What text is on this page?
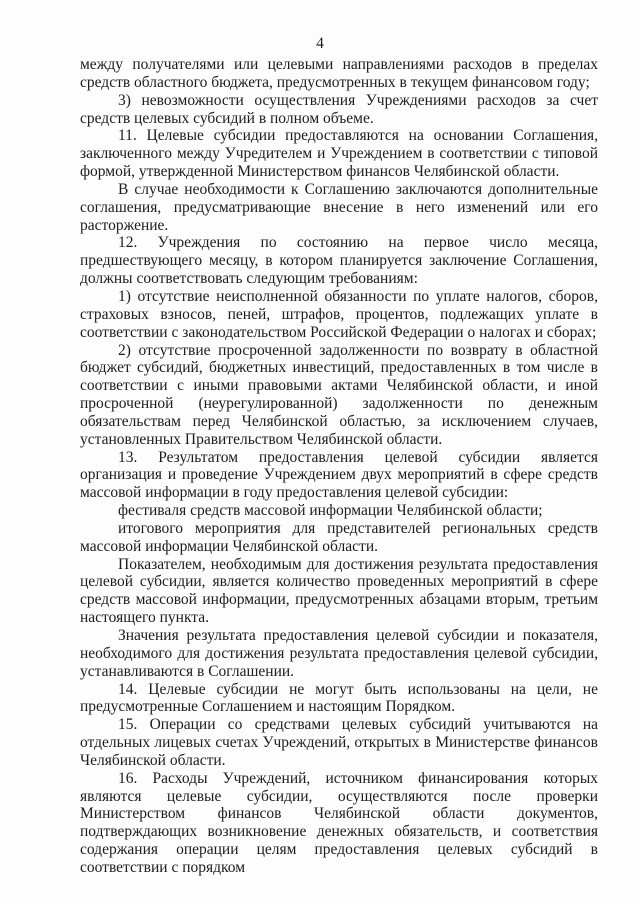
4

между получателями или целевыми направлениями расходов в пределах средств областного бюджета, предусмотренных в текущем финансовом году;

3) невозможности осуществления Учреждениями расходов за счет средств целевых субсидий в полном объеме.

11. Целевые субсидии предоставляются на основании Соглашения, заключенного между Учредителем и Учреждением в соответствии с типовой формой, утвержденной Министерством финансов Челябинской области.

В случае необходимости к Соглашению заключаются дополнительные соглашения, предусматривающие внесение в него изменений или его расторжение.

12. Учреждения по состоянию на первое число месяца, предшествующего месяцу, в котором планируется заключение Соглашения, должны соответствовать следующим требованиям:

1) отсутствие неисполненной обязанности по уплате налогов, сборов, страховых взносов, пеней, штрафов, процентов, подлежащих уплате в соответствии с законодательством Российской Федерации о налогах и сборах;

2) отсутствие просроченной задолженности по возврату в областной бюджет субсидий, бюджетных инвестиций, предоставленных в том числе в соответствии с иными правовыми актами Челябинской области, и иной просроченной (неурегулированной) задолженности по денежным обязательствам перед Челябинской областью, за исключением случаев, установленных Правительством Челябинской области.

13. Результатом предоставления целевой субсидии является организация и проведение Учреждением двух мероприятий в сфере средств массовой информации в году предоставления целевой субсидии:

фестиваля средств массовой информации Челябинской области;

итогового мероприятия для представителей региональных средств массовой информации Челябинской области.

Показателем, необходимым для достижения результата предоставления целевой субсидии, является количество проведенных мероприятий в сфере средств массовой информации, предусмотренных абзацами вторым, третьим настоящего пункта.

Значения результата предоставления целевой субсидии и показателя, необходимого для достижения результата предоставления целевой субсидии, устанавливаются в Соглашении.

14. Целевые субсидии не могут быть использованы на цели, не предусмотренные Соглашением и настоящим Порядком.

15. Операции со средствами целевых субсидий учитываются на отдельных лицевых счетах Учреждений, открытых в Министерстве финансов Челябинской области.

16. Расходы Учреждений, источником финансирования которых являются целевые субсидии, осуществляются после проверки Министерством финансов Челябинской области документов, подтверждающих возникновение денежных обязательств, и соответствия содержания операции целям предоставления целевых субсидий в соответствии с порядком
